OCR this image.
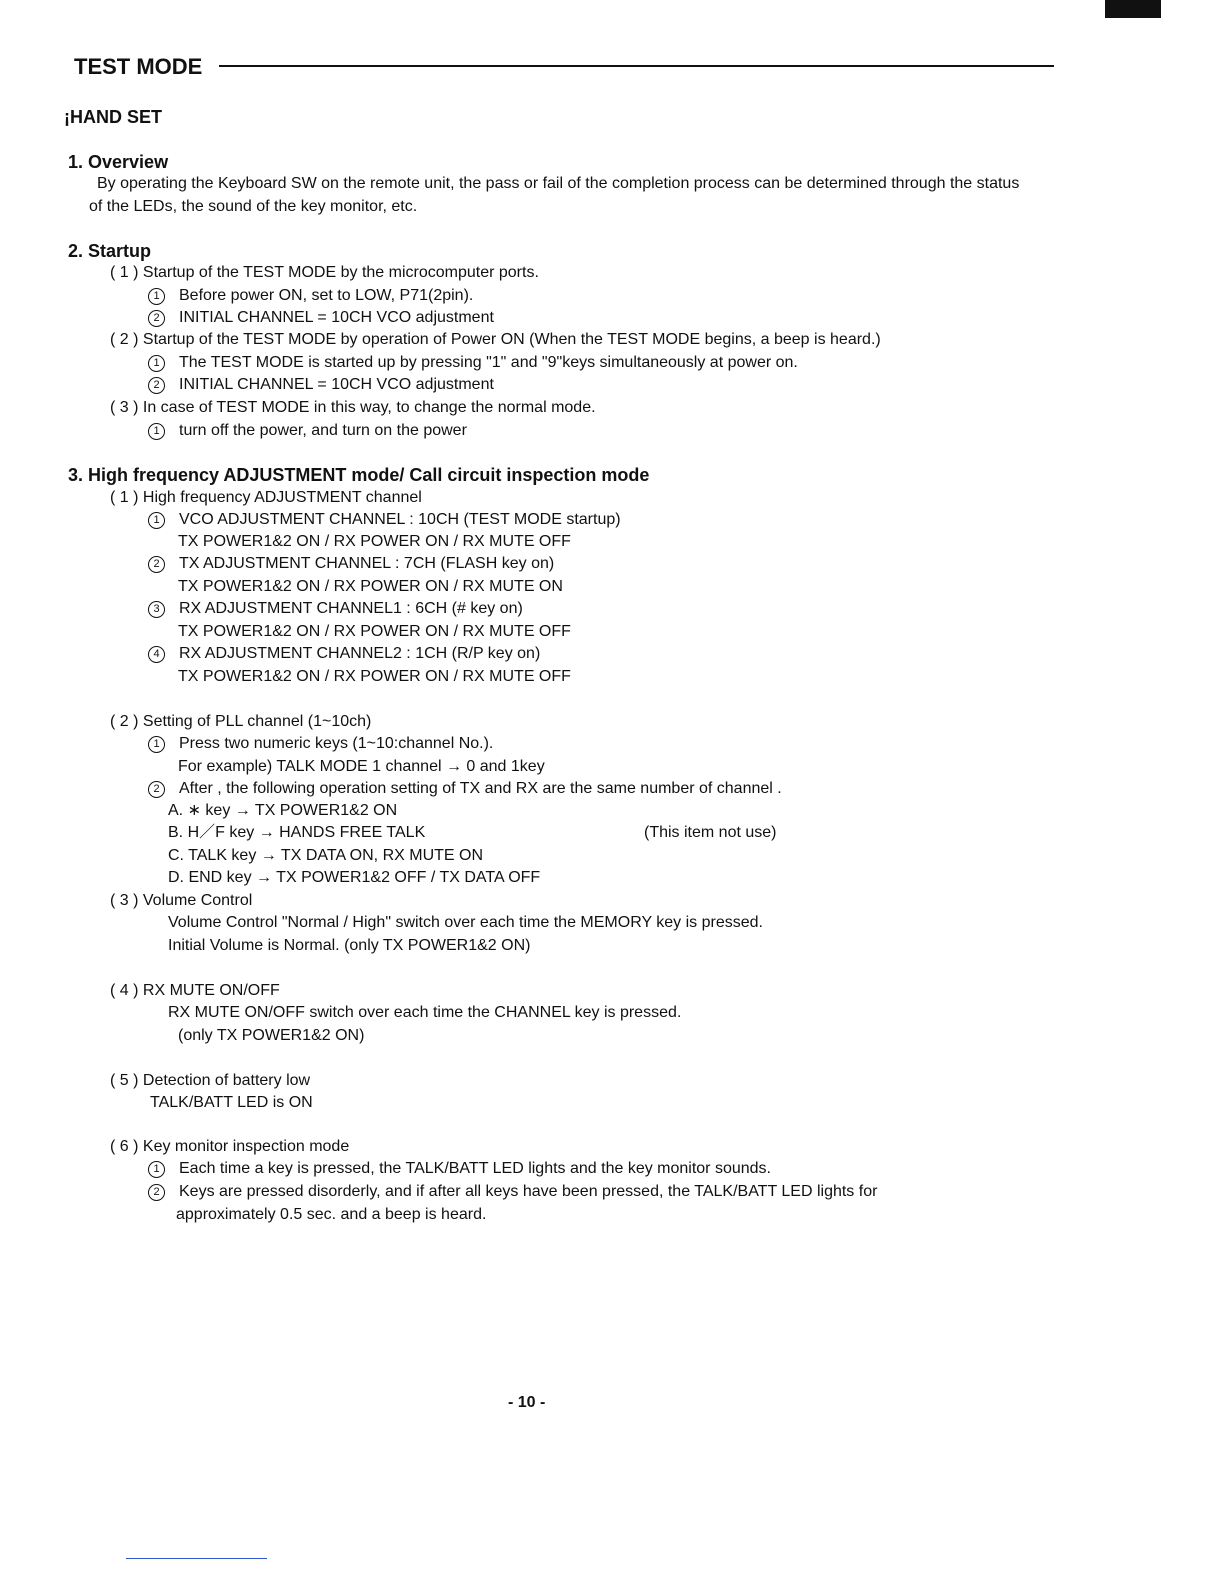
TEST MODE
¡HAND SET
1. Overview
By operating the Keyboard SW on the remote unit, the pass or fail of the completion process can be determined through the status
of the LEDs, the sound of the key monitor, etc.
2. Startup
( 1 ) Startup of the TEST MODE by the microcomputer ports.
1 Before power ON, set to LOW, P71(2pin).
2 INITIAL CHANNEL = 10CH VCO adjustment
( 2 ) Startup of the TEST MODE by operation of Power ON (When the TEST MODE begins, a beep is heard.)
1 The TEST MODE is started up by pressing "1" and "9"keys simultaneously at power on.
2 INITIAL CHANNEL = 10CH VCO adjustment
( 3 ) In case of TEST MODE in this way, to change the normal mode.
1 turn off the power, and turn on the power
3. High frequency ADJUSTMENT mode/ Call circuit inspection mode
( 1 ) High frequency ADJUSTMENT channel
1 VCO ADJUSTMENT CHANNEL : 10CH (TEST MODE startup)
TX POWER1&2 ON / RX POWER ON / RX MUTE OFF
2 TX ADJUSTMENT CHANNEL : 7CH (FLASH key on)
TX POWER1&2 ON / RX POWER ON / RX MUTE ON
3 RX ADJUSTMENT CHANNEL1 : 6CH (# key on)
TX POWER1&2 ON / RX POWER ON / RX MUTE OFF
4 RX ADJUSTMENT CHANNEL2 : 1CH (R/P key on)
TX POWER1&2 ON / RX POWER ON / RX MUTE OFF
( 2 ) Setting of PLL channel (1~10ch)
1 Press two numeric keys (1~10:channel No.).
For example) TALK MODE 1 channel → 0 and 1key
2 After , the following operation setting of TX and RX are the same number of channel .
A. ∗ key → TX POWER1&2 ON
B. H／F key → HANDS FREE TALK	(This item not use)
C. TALK key → TX DATA ON, RX MUTE ON
D. END key → TX POWER1&2 OFF / TX DATA OFF
( 3 ) Volume Control
Volume Control "Normal / High" switch over each time the MEMORY key is pressed.
Initial Volume is Normal. (only TX POWER1&2 ON)
( 4 ) RX MUTE ON/OFF
RX MUTE ON/OFF switch over each time the CHANNEL key is pressed.
(only TX POWER1&2 ON)
( 5 ) Detection of battery low
TALK/BATT LED is ON
( 6 ) Key monitor inspection mode
1 Each time a key is pressed, the TALK/BATT LED lights and the key monitor sounds.
2 Keys are pressed disorderly, and if after all keys have been pressed, the TALK/BATT LED lights for
approximately 0.5 sec. and a beep is heard.
- 10 -
